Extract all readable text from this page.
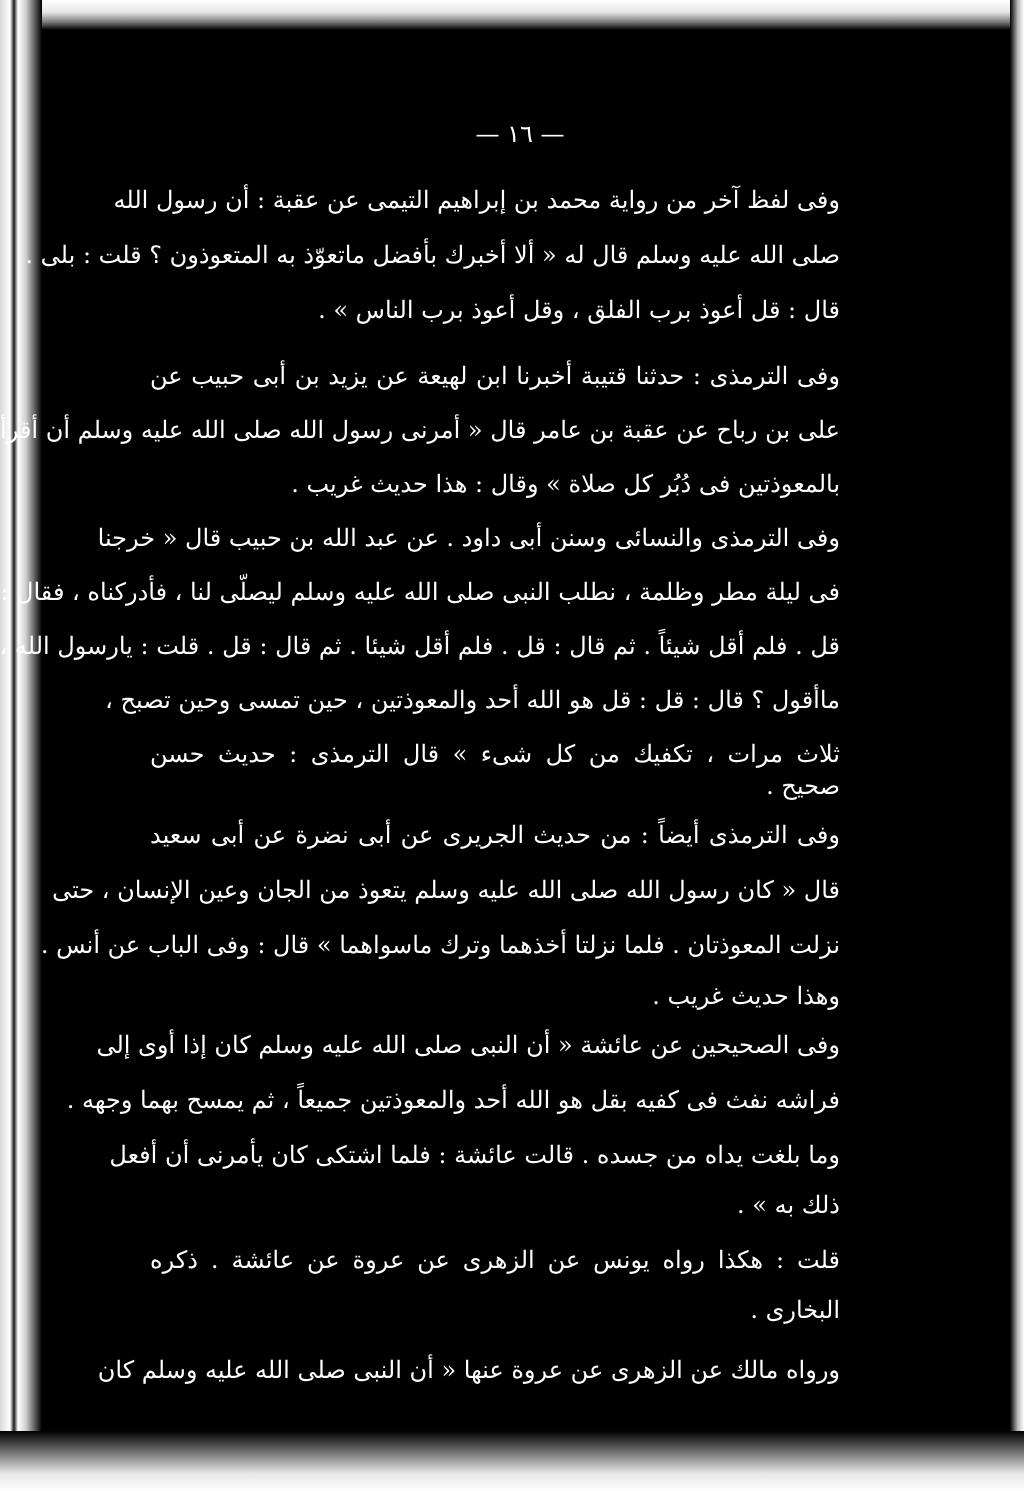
— ١٦ —
وفى لفظ آخر من رواية محمد بن إبراهيم التيمى عن عقبة : أن رسول الله
صلى الله عليه وسلم قال له « ألا أخبرك بأفضل ماتعوّذ به المتعوذون ؟ قلت : بلى .
قال : قل أعوذ برب الفلق ، وقل أعوذ برب الناس » .
وفى الترمذى : حدثنا قتيبة أخبرنا ابن لهيعة عن يزيد بن أبى حبيب عن
على بن رباح عن عقبة بن عامر قال « أمرنى رسول الله صلى الله عليه وسلم أن أقرأ
بالمعوذتين فى دُبُر كل صلاة » وقال : هذا حديث غريب .
وفى الترمذى والنسائى وسنن أبى داود . عن عبد الله بن حبيب قال « خرجنا
فى ليلة مطر وظلمة ، نطلب النبى صلى الله عليه وسلم ليصلّى لنا ، فأدركناه ، فقال :
قل . فلم أقل شيئاً . ثم قال : قل . فلم أقل شيئا . ثم قال : قل . قلت : يارسول الله ،
ماأقول ؟ قال : قل : قل هو الله أحد والمعوذتين ، حين تمسى وحين تصبح ،
ثلاث مرات ، تكفيك من كل شىء » قال الترمذى : حديث حسن
صحيح .
وفى الترمذى أيضاً : من حديث الجريرى عن أبى نضرة عن أبى سعيد
قال « كان رسول الله صلى الله عليه وسلم يتعوذ من الجان وعين الإنسان ، حتى
نزلت المعوذتان . فلما نزلتا أخذهما وترك ماسواهما » قال : وفى الباب عن أنس .
وهذا حديث غريب .
وفى الصحيحين عن عائشة « أن النبى صلى الله عليه وسلم كان إذا أوى إلى
فراشه نفث فى كفيه بقل هو الله أحد والمعوذتين جميعاً ، ثم يمسح بهما وجهه .
وما بلغت يداه من جسده . قالت عائشة : فلما اشتكى كان يأمرنى أن أفعل
ذلك به » .
قلت : هكذا رواه يونس عن الزهرى عن عروة عن عائشة . ذكره
البخارى .
ورواه مالك عن الزهرى عن عروة عنها « أن النبى صلى الله عليه وسلم كان
